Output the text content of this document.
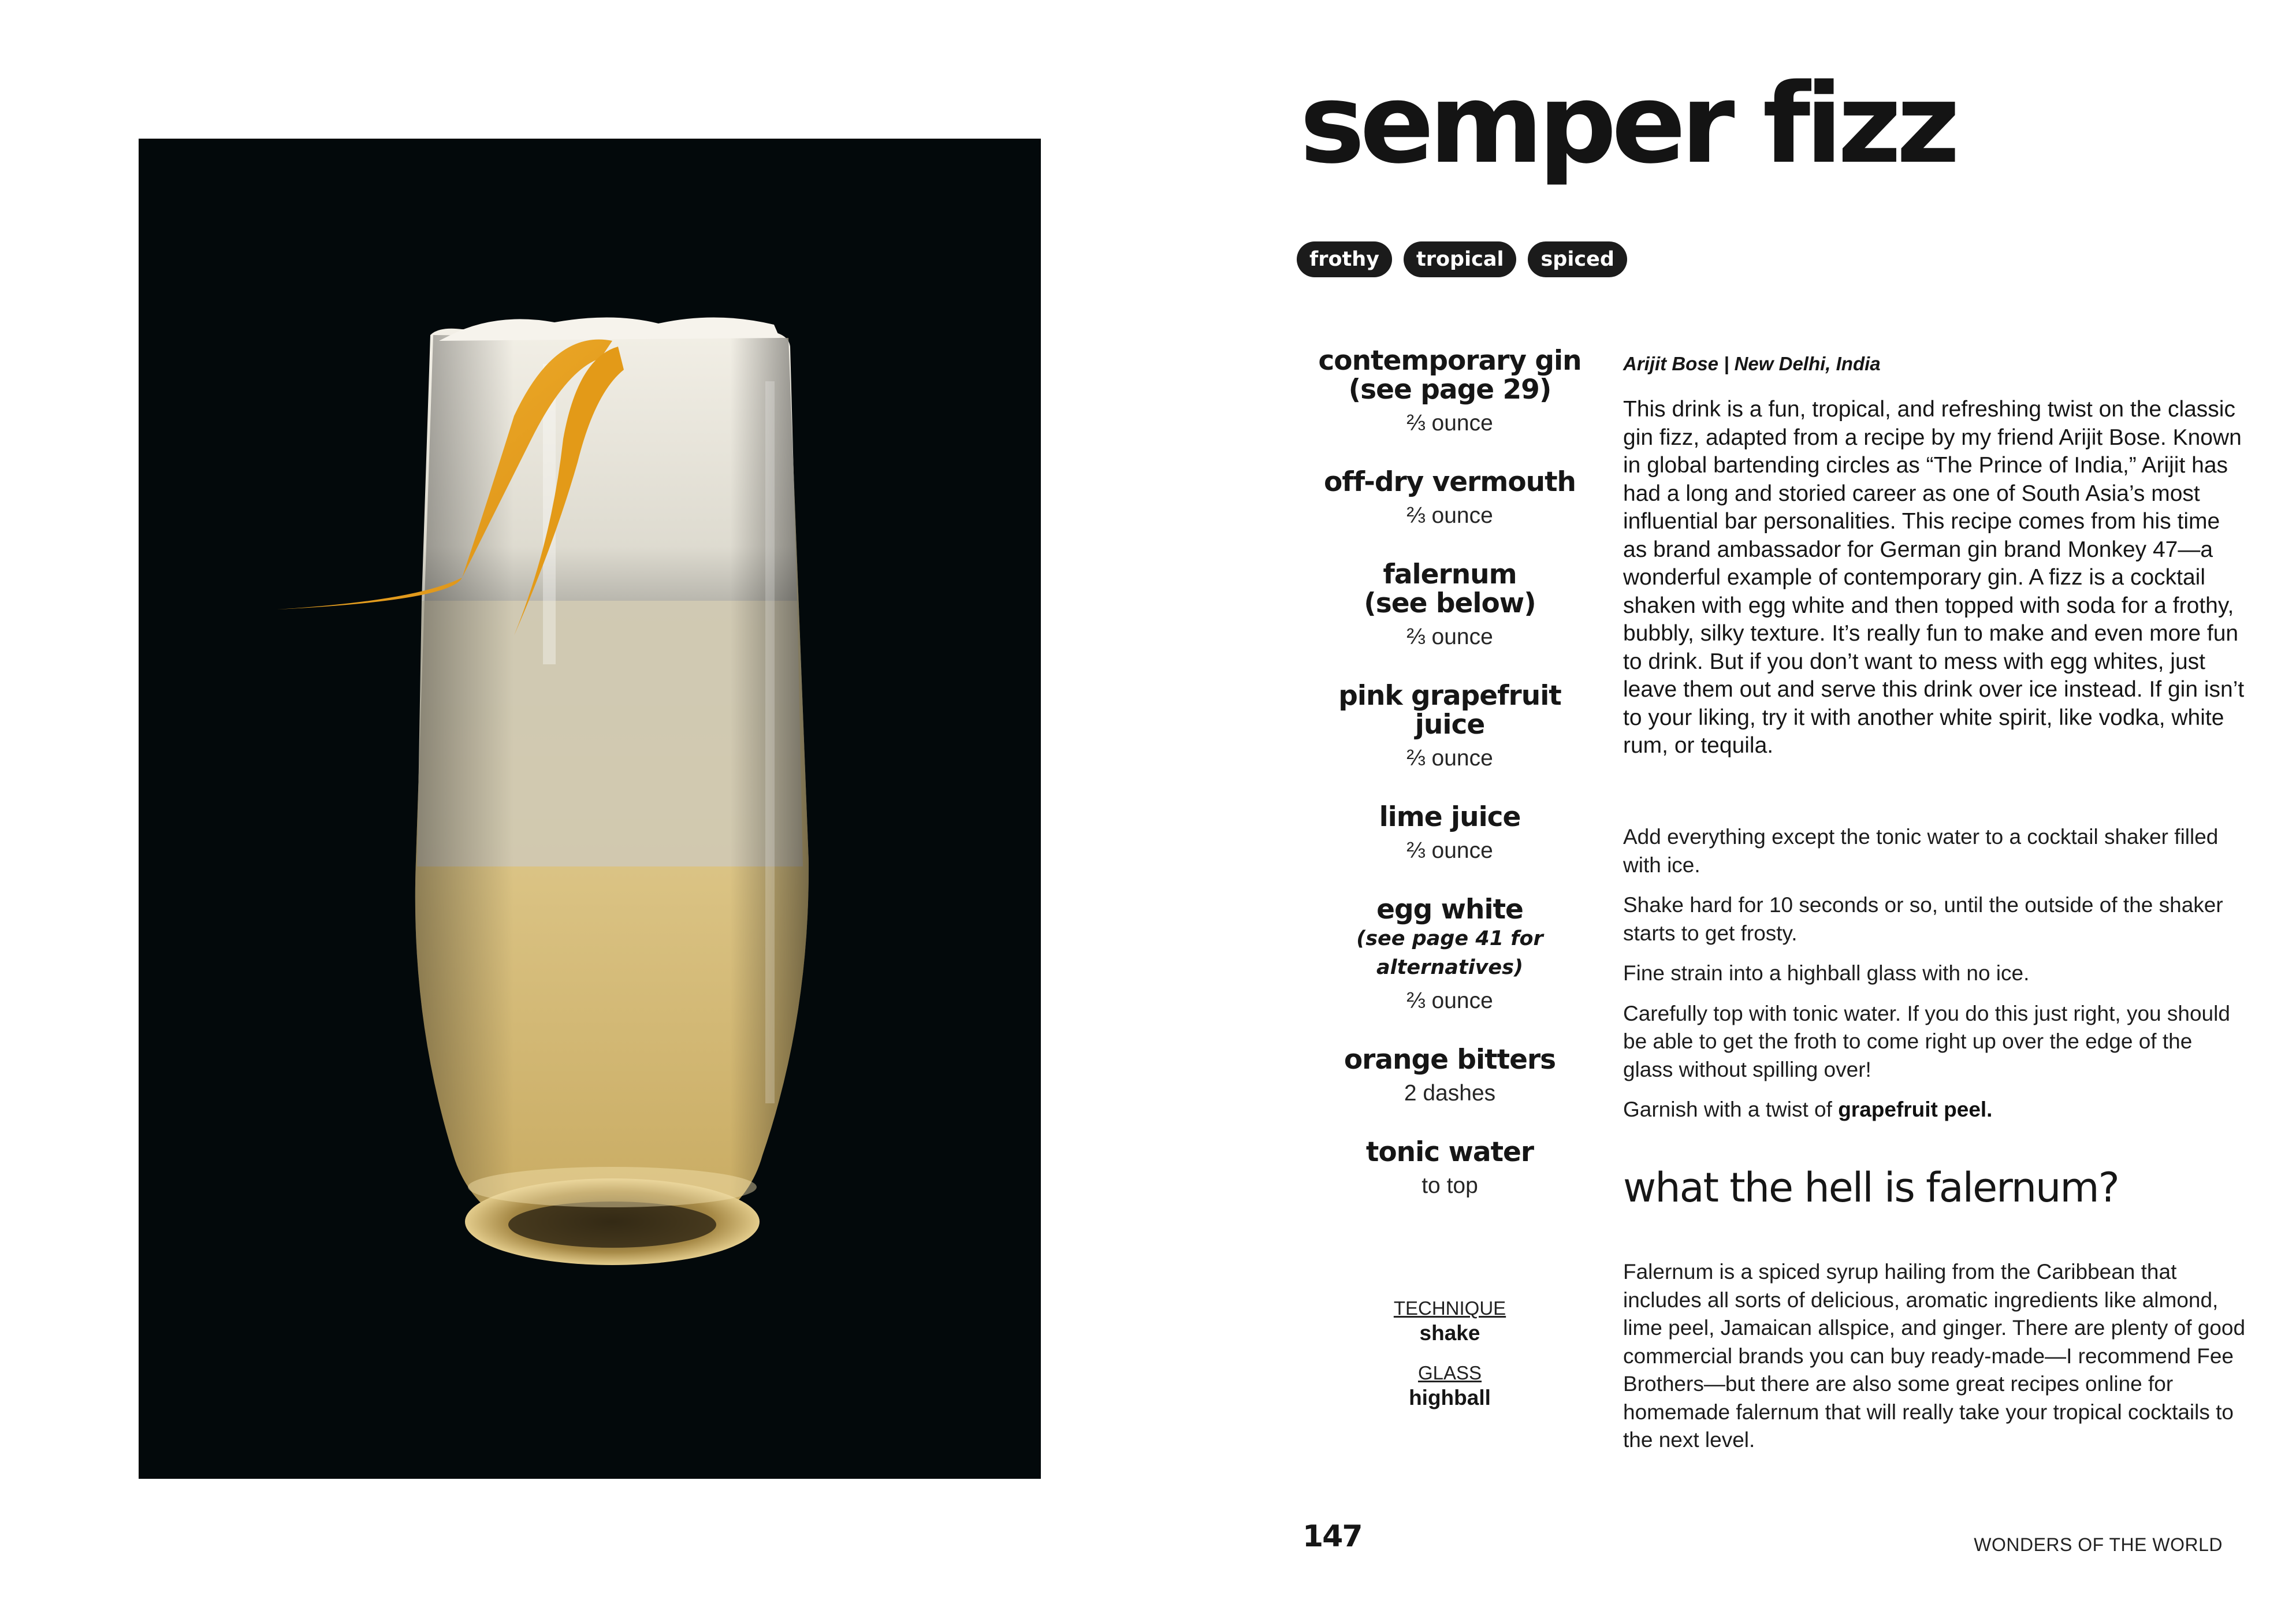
semper fizz
frothy	tropical	spiced
contemporary gin
(see page 29)
⅔ ounce
off-dry vermouth
⅔ ounce
falernum
(see below)
⅔ ounce
pink grapefruit
juice
⅔ ounce
lime juice
⅔ ounce
egg white
(see page 41 for alternatives)
⅔ ounce
orange bitters
2 dashes
tonic water
to top
TECHNIQUE
shake
GLASS
highball
Arijit Bose | New Delhi, India

This drink is a fun, tropical, and refreshing twist on the classic gin fizz, adapted from a recipe by my friend Arijit Bose. Known in global bartending circles as “The Prince of India,” Arijit has had a long and storied career as one of South Asia’s most influential bar personalities. This recipe comes from his time as brand ambassador for German gin brand Monkey 47—a wonderful example of contemporary gin. A fizz is a cocktail shaken with egg white and then topped with soda for a frothy, bubbly, silky texture. It’s really fun to make and even more fun to drink. But if you don’t want to mess with egg whites, just leave them out and serve this drink over ice instead. If gin isn’t to your liking, try it with another white spirit, like vodka, white rum, or tequila.

Add everything except the tonic water to a cocktail shaker filled with ice.
Shake hard for 10 seconds or so, until the outside of the shaker starts to get frosty.
Fine strain into a highball glass with no ice.
Carefully top with tonic water. If you do this just right, you should be able to get the froth to come right up over the edge of the glass without spilling over!
Garnish with a twist of grapefruit peel.
what the hell is falernum?

Falernum is a spiced syrup hailing from the Caribbean that includes all sorts of delicious, aromatic ingredients like almond, lime peel, Jamaican allspice, and ginger. There are plenty of good commercial brands you can buy ready-made—I recommend Fee Brothers—but there are also some great recipes online for homemade falernum that will really take your tropical cocktails to the next level.

147	WONDERS OF THE WORLD
